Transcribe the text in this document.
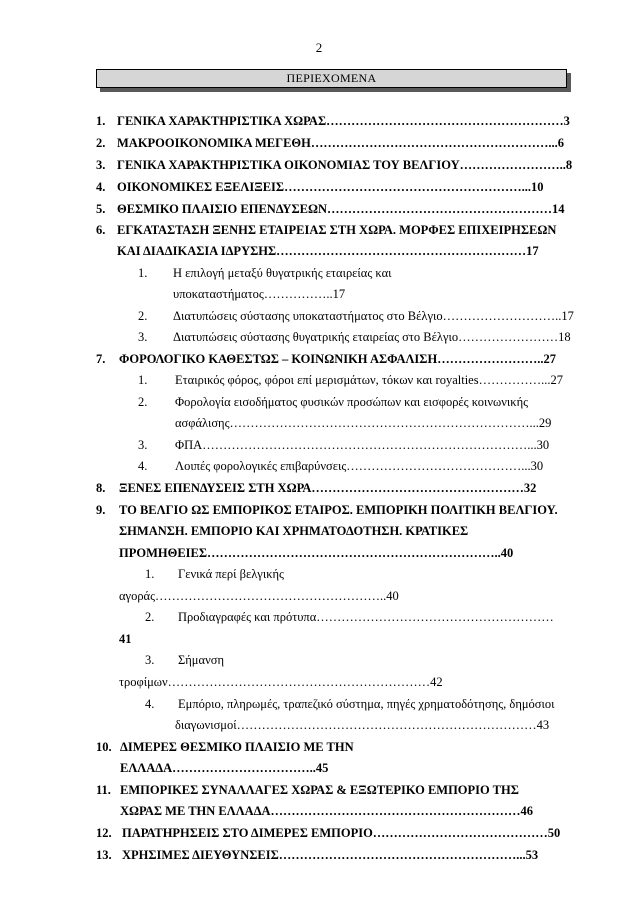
2
ΠΕΡΙΕΧΟΜΕΝΑ
1. ΓΕΝΙΚΑ ΧΑΡΑΚΤΗΡΙΣΤΙΚΑ ΧΩΡΑΣ…………………………………………………3
2. ΜΑΚΡΟΟΙΚΟΝΟΜΙΚΑ ΜΕΓΕΘΗ…………………………………………………...6
3. ΓΕΝΙΚΑ ΧΑΡΑΚΤΗΡΙΣΤΙΚΑ ΟΙΚΟΝΟΜΙΑΣ ΤΟΥ ΒΕΛΓΙΟΥ……………………..8
4. ΟΙΚΟΝΟΜΙΚΕΣ ΕΞΕΛΙΞΕΙΣ…………………………………………………...10
5. ΘΕΣΜΙΚΟ ΠΛΑΙΣΙΟ ΕΠΕΝΔΥΣΕΩΝ………………………………………………14
6. ΕΓΚΑΤΑΣΤΑΣΗ ΞΕΝΗΣ ΕΤΑΙΡΕΙΑΣ ΣΤΗ ΧΩΡΑ. ΜΟΡΦΕΣ ΕΠΙΧΕΙΡΗΣΕΩΝ
ΚΑΙ ΔΙΑΔΙΚΑΣΙΑ ΙΔΡΥΣΗΣ……………………………………………………17
1. Η επιλογή μεταξύ θυγατρικής εταιρείας και
υποκαταστήματος……………..17
2. Διατυπώσεις σύστασης υποκαταστήματος στο Βέλγιο………………………..17
3. Διατυπώσεις σύστασης θυγατρικής εταιρείας στο Βέλγιο……………………18
7. ΦΟΡΟΛΟΓΙΚΟ ΚΑΘΕΣΤΩΣ – ΚΟΙΝΩΝΙΚΗ ΑΣΦΑΛΙΣΗ……………………..27
1. Εταιρικός φόρος, φόροι επί μερισμάτων, τόκων και royalties……………...27
2. Φορολογία εισοδήματος φυσικών προσώπων και εισφορές κοινωνικής
ασφάλισης………………………………………………………………...29
3. ΦΠΑ……………………………………………………………………...30
4. Λοιπές φορολογικές επιβαρύνσεις……………………………………...30
8. ΞΕΝΕΣ ΕΠΕΝΔΥΣΕΙΣ ΣΤΗ ΧΩΡΑ……………………………………………32
9. ΤΟ ΒΕΛΓΙΟ ΩΣ ΕΜΠΟΡΙΚΟΣ ΕΤΑΙΡΟΣ. ΕΜΠΟΡΙΚΗ ΠΟΛΙΤΙΚΗ ΒΕΛΓΙΟΥ.
ΣΗΜΑΝΣΗ. ΕΜΠΟΡΙΟ ΚΑΙ ΧΡΗΜΑΤΟΔΟΤΗΣΗ. ΚΡΑΤΙΚΕΣ
ΠΡΟΜΗΘΕΙΕΣ……………………………………………………………..40
1. Γενικά περί βελγικής
αγοράς………………………………………………..40
2. Προδιαγραφές και πρότυπα…………………………………………………
41
3. Σήμανση
τροφίμων………………………………………………………42
4. Εμπόριο, πληρωμές, τραπεζικό σύστημα, πηγές χρηματοδότησης, δημόσιοι
διαγωνισμοί………………………………………………………………43
10. ΔΙΜΕΡΕΣ ΘΕΣΜΙΚΟ ΠΛΑΙΣΙΟ ΜΕ ΤΗΝ
ΕΛΛΑΔΑ……………………………..45
11. ΕΜΠΟΡΙΚΕΣ ΣΥΝΑΛΛΑΓΕΣ ΧΩΡΑΣ & ΕΞΩΤΕΡΙΚΟ ΕΜΠΟΡΙΟ ΤΗΣ
ΧΩΡΑΣ ΜΕ ΤΗΝ ΕΛΛΑΔΑ……………………………………………………46
12. ΠΑΡΑΤΗΡΗΣΕΙΣ ΣΤΟ ΔΙΜΕΡΕΣ ΕΜΠΟΡΙΟ……………………………………50
13. ΧΡΗΣΙΜΕΣ ΔΙΕΥΘΥΝΣΕΙΣ…………………………………………………...53
